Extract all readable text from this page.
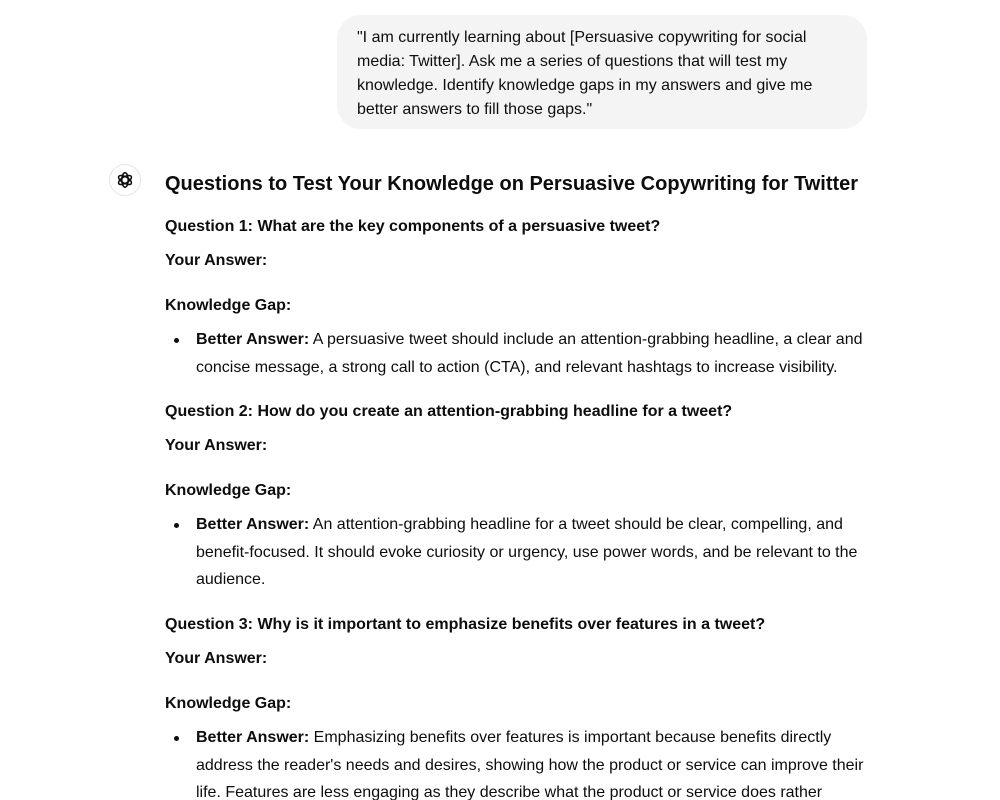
"I am currently learning about [Persuasive copywriting for social media: Twitter]. Ask me a series of questions that will test my knowledge. Identify knowledge gaps in my answers and give me better answers to fill those gaps."
Questions to Test Your Knowledge on Persuasive Copywriting for Twitter

Question 1: What are the key components of a persuasive tweet?

Your Answer:

Knowledge Gap:

Better Answer: A persuasive tweet should include an attention-grabbing headline, a clear and concise message, a strong call to action (CTA), and relevant hashtags to increase visibility.

Question 2: How do you create an attention-grabbing headline for a tweet?

Your Answer:

Knowledge Gap:

Better Answer: An attention-grabbing headline for a tweet should be clear, compelling, and benefit-focused. It should evoke curiosity or urgency, use power words, and be relevant to the audience.

Question 3: Why is it important to emphasize benefits over features in a tweet?

Your Answer:

Knowledge Gap:

Better Answer: Emphasizing benefits over features is important because benefits directly address the reader's needs and desires, showing how the product or service can improve their life. Features are less engaging as they describe what the product or service does rather
